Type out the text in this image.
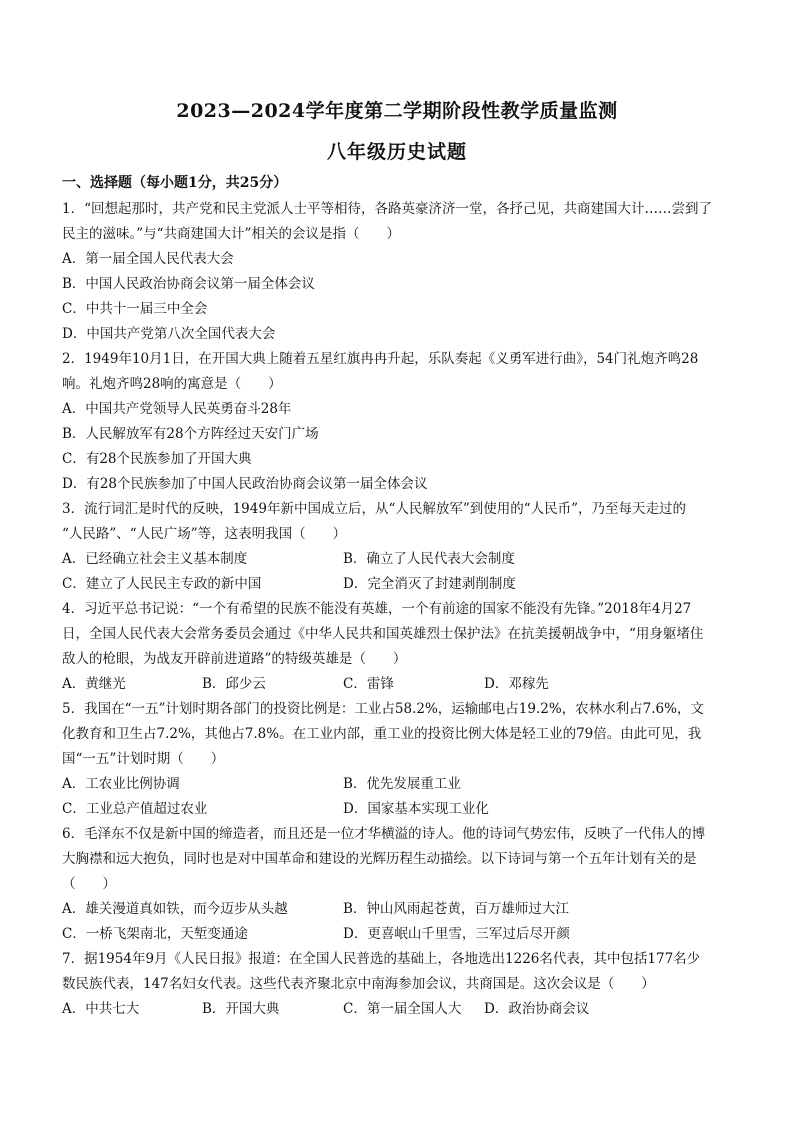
2023—2024学年度第二学期阶段性教学质量监测
八年级历史试题
一、选择题（每小题1分，共25分）
1．“回想起那时，共产党和民主党派人士平等相待，各路英豪济济一堂，各抒己见，共商建国大计……尝到了
民主的滋味。”与“共商建国大计”相关的会议是指（　　）
A．第一届全国人民代表大会
B．中国人民政治协商会议第一届全体会议
C．中共十一届三中全会
D．中国共产党第八次全国代表大会
2．1949年10月1日，在开国大典上随着五星红旗冉冉升起，乐队奏起《义勇军进行曲》，54门礼炮齐鸣28
响。礼炮齐鸣28响的寓意是（　　）
A．中国共产党领导人民英勇奋斗28年
B．人民解放军有28个方阵经过天安门广场
C．有28个民族参加了开国大典
D．有28个民族参加了中国人民政治协商会议第一届全体会议
3．流行词汇是时代的反映，1949年新中国成立后，从“人民解放军”到使用的“人民币”，乃至每天走过的
“人民路”、“人民广场”等，这表明我国（　　）
A．已经确立社会主义基本制度	B．确立了人民代表大会制度
C．建立了人民民主专政的新中国	D．完全消灭了封建剥削制度
4．习近平总书记说：“一个有希望的民族不能没有英雄，一个有前途的国家不能没有先锋。”2018年4月27
日，全国人民代表大会常务委员会通过《中华人民共和国英雄烈士保护法》在抗美援朝战争中，“用身躯堵住
敌人的枪眼，为战友开辟前进道路”的特级英雄是（　　）
A．黄继光	B．邱少云	C．雷锋	D．邓稼先
5．我国在“一五”计划时期各部门的投资比例是：工业占58.2%，运输邮电占19.2%，农林水利占7.6%，文
化教育和卫生占7.2%，其他占7.8%。在工业内部，重工业的投资比例大体是轻工业的79倍。由此可见，我
国“一五”计划时期（　　）
A．工农业比例协调	B．优先发展重工业
C．工业总产值超过农业	D．国家基本实现工业化
6．毛泽东不仅是新中国的缔造者，而且还是一位才华横溢的诗人。他的诗词气势宏伟，反映了一代伟人的博
大胸襟和远大抱负，同时也是对中国革命和建设的光辉历程生动描绘。以下诗词与第一个五年计划有关的是
（　　）
A．雄关漫道真如铁，而今迈步从头越	B．钟山风雨起苍黄，百万雄师过大江
C．一桥飞架南北，天堑变通途	D．更喜岷山千里雪，三军过后尽开颜
7．据1954年9月《人民日报》报道：在全国人民普选的基础上，各地选出1226名代表，其中包括177名少
数民族代表，147名妇女代表。这些代表齐聚北京中南海参加会议，共商国是。这次会议是（　　）
A．中共七大	B．开国大典	C．第一届全国人大 D．政治协商会议
